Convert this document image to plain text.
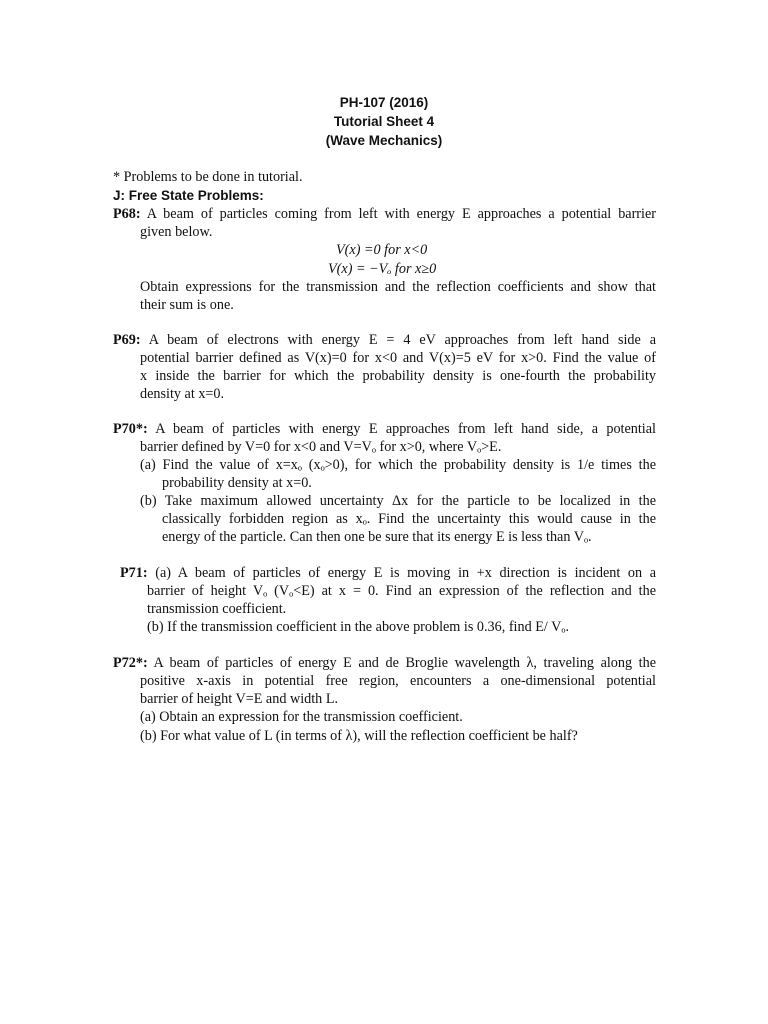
PH-107 (2016)
Tutorial Sheet 4
(Wave Mechanics)
* Problems to be done in tutorial.
J: Free State Problems:
P68: A beam of particles coming from left with energy E approaches a potential barrier
given below.
V(x) =0 for x<0
V(x) = −Vₒ for x≥0
Obtain expressions for the transmission and the reflection coefficients and show that
their sum is one.
P69: A beam of electrons with energy E = 4 eV approaches from left hand side a
potential barrier defined as V(x)=0 for x<0 and V(x)=5 eV for x>0. Find the value of
x inside the barrier for which the probability density is one-fourth the probability
density at x=0.
P70*: A beam of particles with energy E approaches from left hand side, a potential
barrier defined by V=0 for x<0 and V=Vₒ for x>0, where Vₒ>E.
(a) Find the value of x=xₒ (xₒ>0), for which the probability density is 1/e times the
probability density at x=0.
(b) Take maximum allowed uncertainty Δx for the particle to be localized in the
classically forbidden region as xₒ. Find the uncertainty this would cause in the
energy of the particle. Can then one be sure that its energy E is less than Vₒ.
P71: (a) A beam of particles of energy E is moving in +x direction is incident on a
barrier of height Vₒ (Vₒ<E) at x = 0. Find an expression of the reflection and the
transmission coefficient.
(b) If the transmission coefficient in the above problem is 0.36, find E/ Vₒ.
P72*: A beam of particles of energy E and de Broglie wavelength λ, traveling along the
positive x-axis in potential free region, encounters a one-dimensional potential
barrier of height V=E and width L.
(a) Obtain an expression for the transmission coefficient.
(b) For what value of L (in terms of λ), will the reflection coefficient be half?
